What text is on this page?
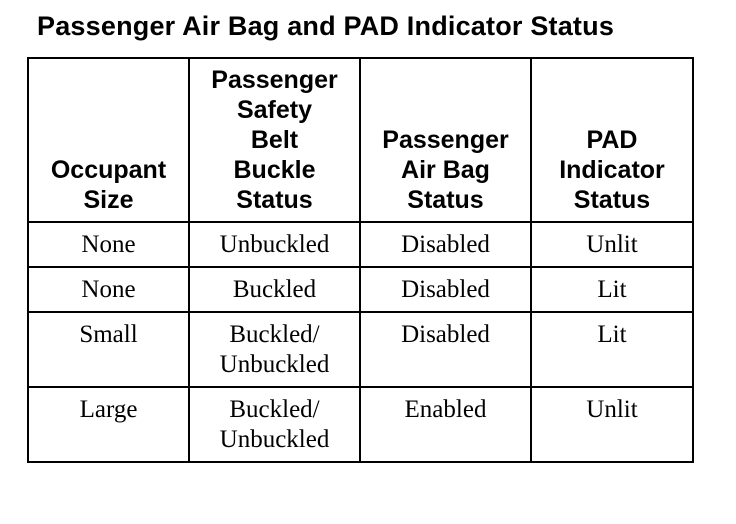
Passenger Air Bag and PAD Indicator Status
Occupant
Size	Passenger
Safety
Belt
Buckle
Status	Passenger
Air Bag
Status	PAD
Indicator
Status

None	Unbuckled	Disabled	Unlit

None	Buckled	Disabled	Lit

Small	Buckled/
Unbuckled	Disabled	Lit

Large	Buckled/
Unbuckled	Enabled	Unlit
